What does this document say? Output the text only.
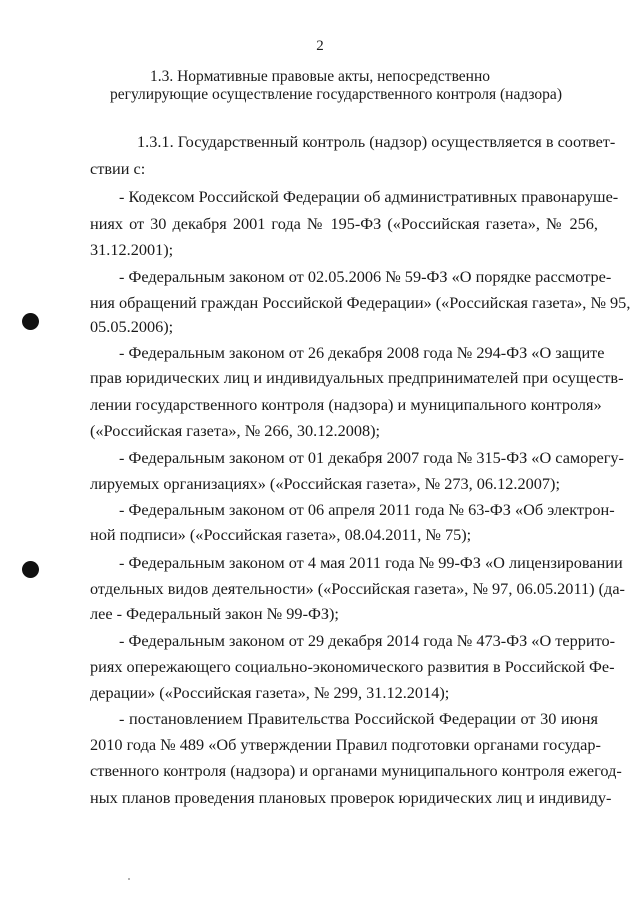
2
1.3. Нормативные правовые акты, непосредственно
регулирующие осуществление государственного контроля (надзора)
1.3.1. Государственный контроль (надзор) осуществляется в соответ-
ствии с:
- Кодексом Российской Федерации об административных правонаруше-
ниях от 30 декабря 2001 года № 195-ФЗ («Российская газета», № 256,
31.12.2001);
- Федеральным законом от 02.05.2006 № 59-ФЗ «О порядке рассмотре-
ния обращений граждан Российской Федерации» («Российская газета», № 95,
05.05.2006);
- Федеральным законом от 26 декабря 2008 года № 294-ФЗ «О защите
прав юридических лиц и индивидуальных предпринимателей при осуществ-
лении государственного контроля (надзора) и муниципального контроля»
(«Российская газета», № 266, 30.12.2008);
- Федеральным законом от 01 декабря 2007 года № 315-ФЗ «О саморегу-
лируемых организациях» («Российская газета», № 273, 06.12.2007);
- Федеральным законом от 06 апреля 2011 года № 63-ФЗ «Об электрон-
ной подписи» («Российская газета», 08.04.2011, № 75);
- Федеральным законом от 4 мая 2011 года № 99-ФЗ «О лицензировании
отдельных видов деятельности» («Российская газета», № 97, 06.05.2011) (да-
лее - Федеральный закон № 99-ФЗ);
- Федеральным законом от 29 декабря 2014 года № 473-ФЗ «О террито-
риях опережающего социально-экономического развития в Российской Фе-
дерации» («Российская газета», № 299, 31.12.2014);
- постановлением Правительства Российской Федерации от 30 июня
2010 года № 489 «Об утверждении Правил подготовки органами государ-
ственного контроля (надзора) и органами муниципального контроля ежегод-
ных планов проведения плановых проверок юридических лиц и индивиду-
